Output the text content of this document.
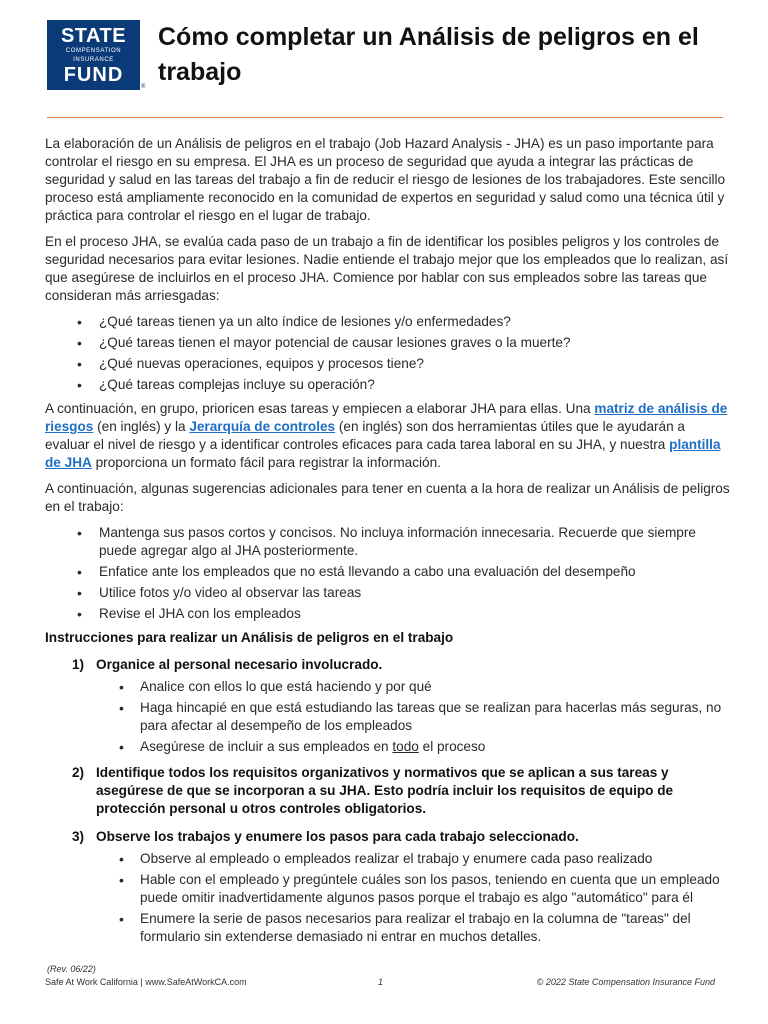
STATE
COMPENSATION
INSURANCE
FUND
®
Cómo completar un Análisis de peligros en el trabajo

La elaboración de un Análisis de peligros en el trabajo (Job Hazard Analysis - JHA) es un paso importante para controlar el riesgo en su empresa. El JHA es un proceso de seguridad que ayuda a integrar las prácticas de seguridad y salud en las tareas del trabajo a fin de reducir el riesgo de lesiones de los trabajadores. Este sencillo proceso está ampliamente reconocido en la comunidad de expertos en seguridad y salud como una técnica útil y práctica para controlar el riesgo en el lugar de trabajo.

En el proceso JHA, se evalúa cada paso de un trabajo a fin de identificar los posibles peligros y los controles de seguridad necesarios para evitar lesiones. Nadie entiende el trabajo mejor que los empleados que lo realizan, así que asegúrese de incluirlos en el proceso JHA. Comience por hablar con sus empleados sobre las tareas que consideran más arriesgadas:

• ¿Qué tareas tienen ya un alto índice de lesiones y/o enfermedades?
• ¿Qué tareas tienen el mayor potencial de causar lesiones graves o la muerte?
• ¿Qué nuevas operaciones, equipos y procesos tiene?
• ¿Qué tareas complejas incluye su operación?

A continuación, en grupo, prioricen esas tareas y empiecen a elaborar JHA para ellas. Una matriz de análisis de riesgos (en inglés) y la Jerarquía de controles (en inglés) son dos herramientas útiles que le ayudarán a evaluar el nivel de riesgo y a identificar controles eficaces para cada tarea laboral en su JHA, y nuestra plantilla de JHA proporciona un formato fácil para registrar la información.

A continuación, algunas sugerencias adicionales para tener en cuenta a la hora de realizar un Análisis de peligros en el trabajo:

• Mantenga sus pasos cortos y concisos. No incluya información innecesaria. Recuerde que siempre puede agregar algo al JHA posteriormente.
• Enfatice ante los empleados que no está llevando a cabo una evaluación del desempeño
• Utilice fotos y/o video al observar las tareas
• Revise el JHA con los empleados
Instrucciones para realizar un Análisis de peligros en el trabajo
1) Organice al personal necesario involucrado.
• Analice con ellos lo que está haciendo y por qué
• Haga hincapié en que está estudiando las tareas que se realizan para hacerlas más seguras, no para afectar al desempeño de los empleados
• Asegúrese de incluir a sus empleados en todo el proceso
2) Identifique todos los requisitos organizativos y normativos que se aplican a sus tareas y asegúrese de que se incorporan a su JHA. Esto podría incluir los requisitos de equipo de protección personal u otros controles obligatorios.
3) Observe los trabajos y enumere los pasos para cada trabajo seleccionado.
• Observe al empleado o empleados realizar el trabajo y enumere cada paso realizado
• Hable con el empleado y pregúntele cuáles son los pasos, teniendo en cuenta que un empleado puede omitir inadvertidamente algunos pasos porque el trabajo es algo "automático" para él
• Enumere la serie de pasos necesarios para realizar el trabajo en la columna de "tareas" del formulario sin extenderse demasiado ni entrar en muchos detalles.
(Rev. 06/22)
Safe At Work California | www.SafeAtWorkCA.com	1	© 2022 State Compensation Insurance Fund
